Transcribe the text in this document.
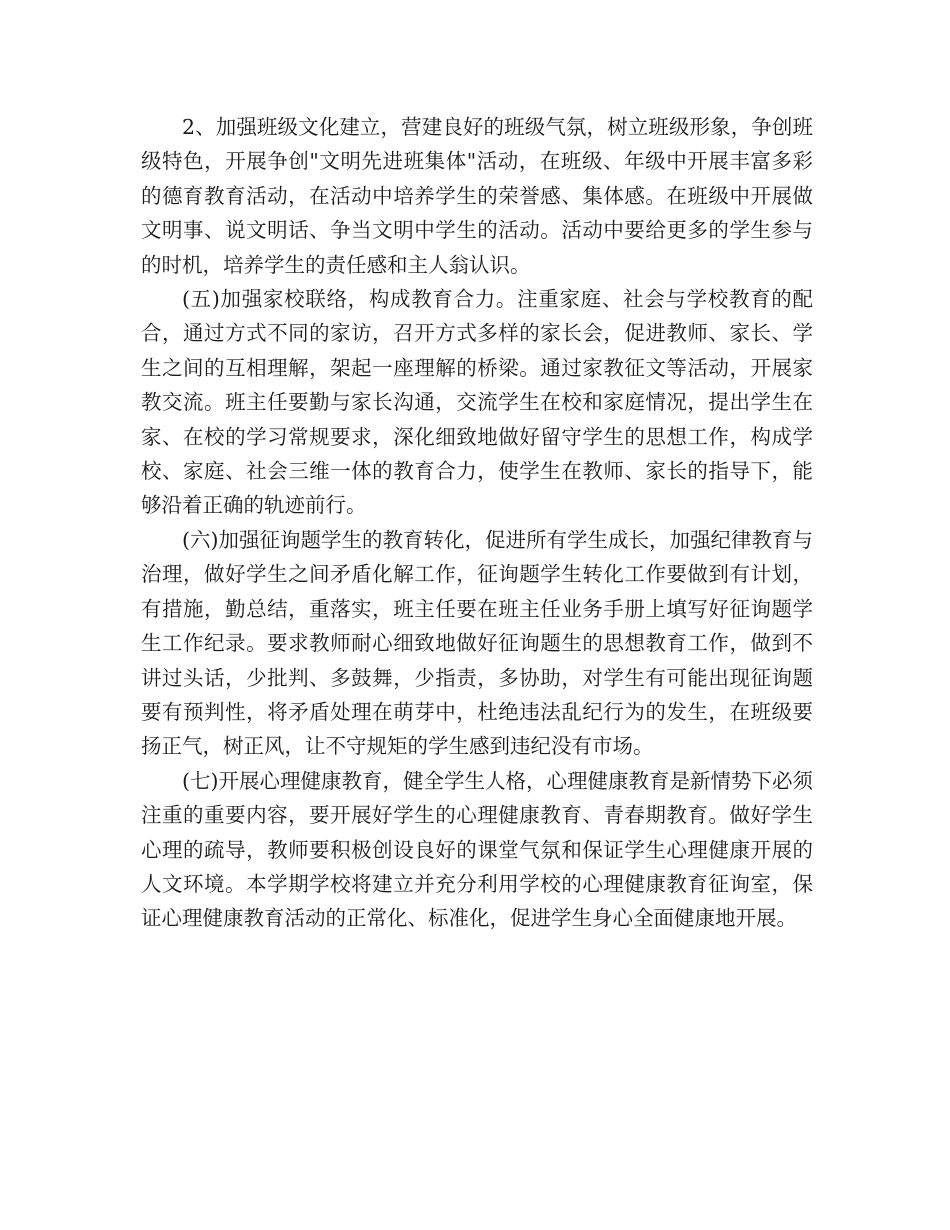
2、加强班级文化建立，营建良好的班级气氛，树立班级形象，争创班级特色，开展争创"文明先进班集体"活动，在班级、年级中开展丰富多彩的德育教育活动，在活动中培养学生的荣誉感、集体感。在班级中开展做文明事、说文明话、争当文明中学生的活动。活动中要给更多的学生参与的时机，培养学生的责任感和主人翁认识。

(五)加强家校联络，构成教育合力。注重家庭、社会与学校教育的配合，通过方式不同的家访，召开方式多样的家长会，促进教师、家长、学生之间的互相理解，架起一座理解的桥梁。通过家教征文等活动，开展家教交流。班主任要勤与家长沟通，交流学生在校和家庭情况，提出学生在家、在校的学习常规要求，深化细致地做好留守学生的思想工作，构成学校、家庭、社会三维一体的教育合力，使学生在教师、家长的指导下，能够沿着正确的轨迹前行。

(六)加强征询题学生的教育转化，促进所有学生成长，加强纪律教育与治理，做好学生之间矛盾化解工作，征询题学生转化工作要做到有计划，有措施，勤总结，重落实，班主任要在班主任业务手册上填写好征询题学生工作纪录。要求教师耐心细致地做好征询题生的思想教育工作，做到不讲过头话，少批判、多鼓舞，少指责，多协助，对学生有可能出现征询题要有预判性，将矛盾处理在萌芽中，杜绝违法乱纪行为的发生，在班级要扬正气，树正风，让不守规矩的学生感到违纪没有市场。

(七)开展心理健康教育，健全学生人格，心理健康教育是新情势下必须注重的重要内容，要开展好学生的心理健康教育、青春期教育。做好学生心理的疏导，教师要积极创设良好的课堂气氛和保证学生心理健康开展的人文环境。本学期学校将建立并充分利用学校的心理健康教育征询室，保证心理健康教育活动的正常化、标准化，促进学生身心全面健康地开展。
